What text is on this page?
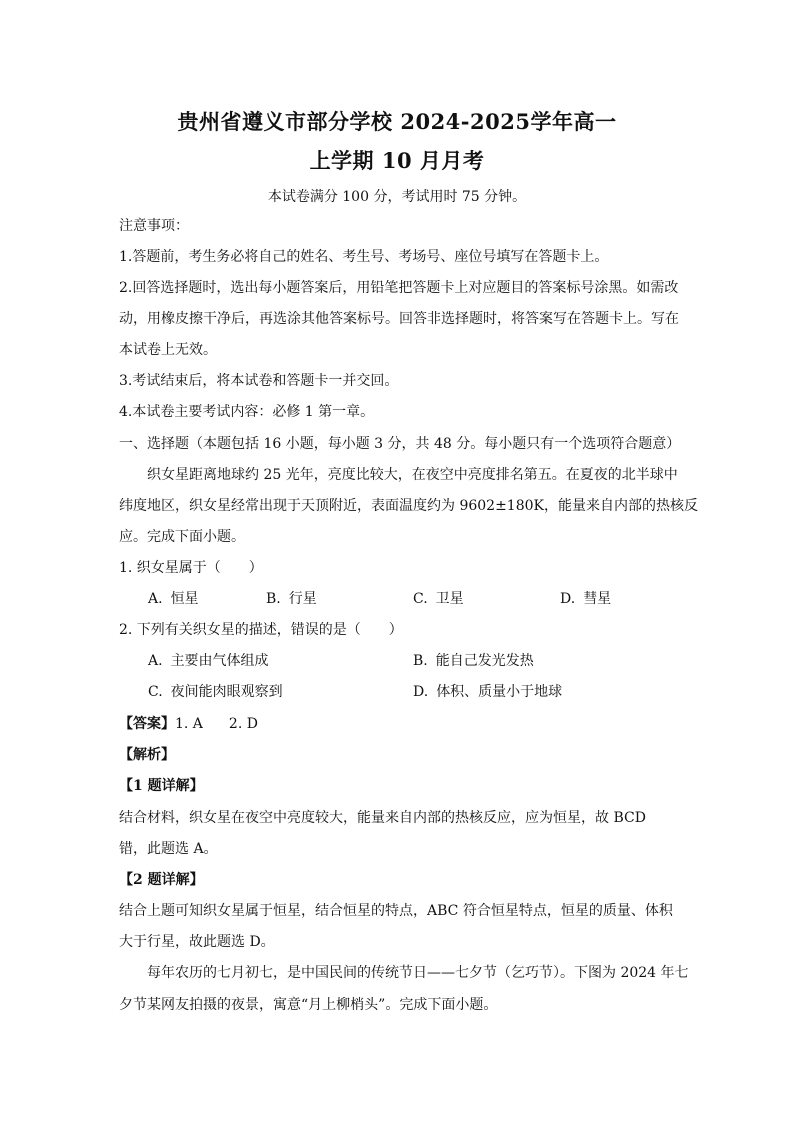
贵州省遵义市部分学校 2024-2025学年高一
上学期 10 月月考
本试卷满分 100 分，考试用时 75 分钟。
注意事项：
1.答题前，考生务必将自己的姓名、考生号、考场号、座位号填写在答题卡上。
2.回答选择题时，选出每小题答案后，用铅笔把答题卡上对应题目的答案标号涂黑。如需改
动，用橡皮擦干净后，再选涂其他答案标号。回答非选择题时，将答案写在答题卡上。写在
本试卷上无效。
3.考试结束后，将本试卷和答题卡一并交回。
4.本试卷主要考试内容：必修 1 第一章。
一、选择题（本题包括 16 小题，每小题 3 分，共 48 分。每小题只有一个选项符合题意）
织女星距离地球约 25 光年，亮度比较大，在夜空中亮度排名第五。在夏夜的北半球中
纬度地区，织女星经常出现于天顶附近，表面温度约为 9602±180K，能量来自内部的热核反
应。完成下面小题。
1. 织女星属于（　　）
A. 恒星	B. 行星	C. 卫星	D. 彗星
2. 下列有关织女星的描述，错误的是（　　）
A. 主要由气体组成	B. 能自己发光发热
C. 夜间能肉眼观察到	D. 体积、质量小于地球
【答案】1. A 2. D
【解析】
【1 题详解】
结合材料，织女星在夜空中亮度较大，能量来自内部的热核反应，应为恒星，故 BCD
错，此题选 A。
【2 题详解】
结合上题可知织女星属于恒星，结合恒星的特点，ABC 符合恒星特点，恒星的质量、体积
大于行星，故此题选 D。
每年农历的七月初七，是中国民间的传统节日——七夕节（乞巧节）。下图为 2024 年七
夕节某网友拍摄的夜景，寓意“月上柳梢头”。完成下面小题。
